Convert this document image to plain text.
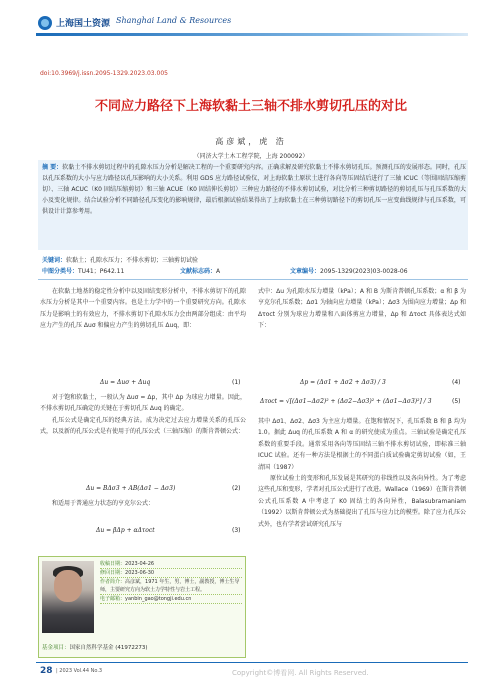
上海国土资源 Shanghai Land & Resources
doi:10.3969/j.issn.2095-1329.2023.03.005
不同应力路径下上海软黏土三轴不排水剪切孔压的对比
高彦斌，虎 浩
（同济大学土木工程学院，上海 200092）
摘 要：软黏土不排水剪切过程中的孔隙水压力分析是解决工程的一个重要研究内容。正确求解及研究软黏土不排水剪切孔压。预测孔压的发展形态。同时，孔压以孔压系数的大小与应力路径以孔压影响的大小关系。利用 GDS 应力路径试验仪，对上海软黏土原状土进行各向等压固结后进行了三轴 ICUC（等围固结压缩剪切）、三轴 ACUC（K0 固结压缩剪切）和三轴 ACUE（K0 固结伸长剪切）三种应力路径的不排水剪切试验，对比分析三种剪切路径的剪切孔压与孔压系数的大小及变化规律。结合试验分析不同路径孔压变化的影响规律，最后根据试验结果得出了上海软黏土在三种剪切路径下的剪切孔压一应变曲线规律与孔压系数，可供设计计算参考用。
关键词：软黏土；孔隙水压力；不排水剪切；三轴剪切试验
中图分类号：TU41；P642.11	文献标志码：A	文章编号：2095-1329(2023)03-0028-06

在软黏土地基的稳定性分析中以及固结变形分析中，不排水剪切下的孔隙水压力分析是其中一个重要内容。也是土力学中的一个重要研究方向。孔隙水压力是影响土的有效应力，不排水剪切下孔隙水压力会由两部分组成：由平均应力产生的孔压 Δuσ 和偏应力产生的剪切孔压 Δuq，即：

Δu = Δuσ + Δuq	(1)

对于饱和软黏土，一般认为 Δuσ = Δp，其中 Δp 为球应力增量。因此，不排水剪切孔压确定的关键在于剪切孔压 Δuq 的确定。

孔压公式是确定孔压的经典方法。成为决定过去应力增量关系的孔压公式，以及新的孔压公式是有使用于的孔压公式（三轴压缩）的斯肯普顿公式：

Δu = BΔσ3 + AB(Δσ1 − Δσ3)	(2)

和适用于普通应力状态的亨克尔公式：

Δu = βΔp + αΔτoct	(3)
收稿日期：2023-04-26
修回日期：2023-06-30
作者简介：高彦斌，1971 年生，男，博士，副教授，博士生导师，主要研究方向为软土力学特性与岩土工程。
电子邮箱：yanbin_gao@tongji.edu.cn
基金项目：国家自然科学基金 (41972273)

式中：Δu 为孔隙水压力增量（kPa）；A 和 B 为斯肯普顿孔压系数；α 和 β 为亨克尔孔压系数；Δσ1 为轴向应力增量（kPa）；Δσ3 为围向应力增量；Δp 和 Δτoct 分别为球应力增量和八面体剪应力增量，Δp 和 Δτoct 具体表达式如下：

Δp = (Δσ1 + Δσ2 + Δσ3) / 3	(4)
Δτoct = √[(Δσ1−Δσ2)² + (Δσ2−Δσ3)² + (Δσ1−Δσ3)²] / 3	(5)

其中 Δσ1、Δσ2、Δσ3 为主应力增量。在饱和情况下，孔压系数 B 和 β 均为 1.0。据此 Δuq 的孔压系数 A 和 α 的研究使成为重点。三轴试验是确定孔压系数的重要手段。通常采用各向等压固结三轴不排水剪切试验，即标准三轴 ICUC 试验。还有一种方法是根据土的不同蛋白质试验确定剪切试验（如，王清国（1987）

原位试验土的变形和孔压发展是其研究的非线性以及各向异性。为了考虑这些孔压和变形，学者对孔压公式进行了改进。Wallace（1969）在斯肯普顿公式孔压系数 A 中考虑了 K0 固结土的各向异性，Balasubramaniam（1992）以斯肯普顿公式为基础提出了孔压与应力比的模型。除了应力孔压公式外，也有学者尝试研究孔压与

28 | 2023 Vol.44 No.3	Copyright©博看网. All Rights Reserved.
